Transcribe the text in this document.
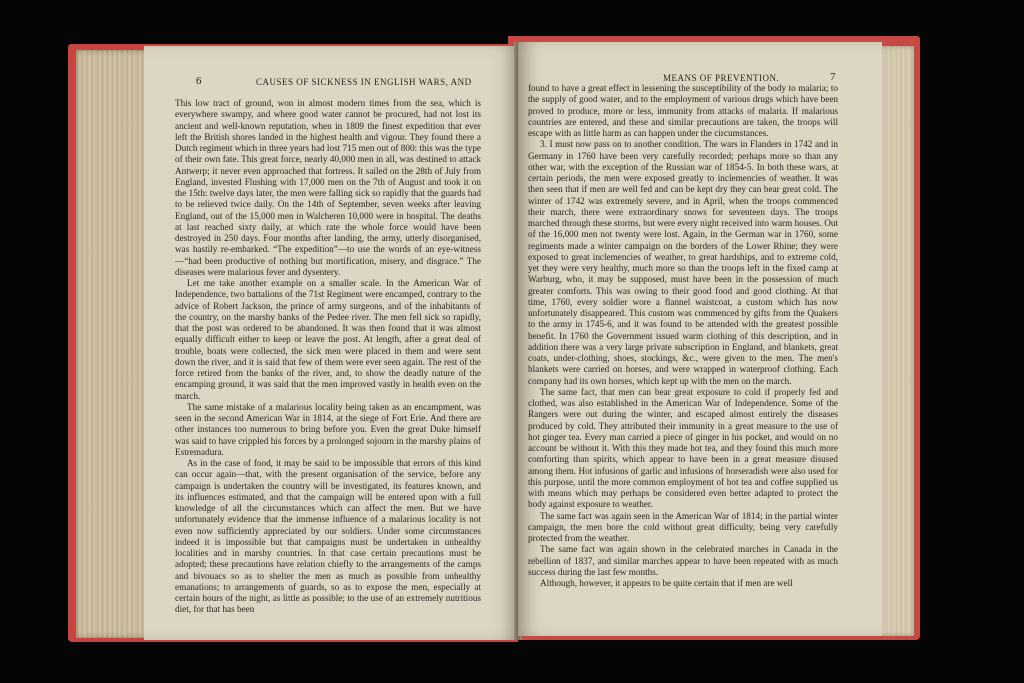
6	CAUSES OF SICKNESS IN ENGLISH WARS, AND

This low tract of ground, won in almost modern times from the sea, which is everywhere swampy, and where good water cannot be procured, had not lost its ancient and well-known reputation, when in 1809 the finest expedition that ever left the British shores landed in the highest health and vigour. They found there a Dutch regiment which in three years had lost 715 men out of 800: this was the type of their own fate. This great force, nearly 40,000 men in all, was destined to attack Antwerp; it never even approached that fortress. It sailed on the 28th of July from England, invested Flushing with 17,000 men on the 7th of August and took it on the 15th: twelve days later, the men were falling sick so rapidly that the guards had to be relieved twice daily. On the 14th of September, seven weeks after leaving England, out of the 15,000 men in Walcheren 10,000 were in hospital. The deaths at last reached sixty daily, at which rate the whole force would have been destroyed in 250 days. Four months after landing, the army, utterly disorganised, was hastily re-embarked. “The expedition”—to use the words of an eye-witness—“had been productive of nothing but mortification, misery, and disgrace.” The diseases were malarious fever and dysentery.

Let me take another example on a smaller scale. In the American War of Independence, two battalions of the 71st Regiment were encamped, contrary to the advice of Robert Jackson, the prince of army surgeons, and of the inhabitants of the country, on the marshy banks of the Pedee river. The men fell sick so rapidly, that the post was ordered to be abandoned. It was then found that it was almost equally difficult either to keep or leave the post. At length, after a great deal of trouble, boats were collected, the sick men were placed in them and were sent down the river, and it is said that few of them were ever seen again. The rest of the force retired from the banks of the river, and, to show the deadly nature of the encamping ground, it was said that the men improved vastly in health even on the march.

The same mistake of a malarious locality being taken as an encampment, was seen in the second American War in 1814, at the siege of Fort Erie. And there are other instances too numerous to bring before you. Even the great Duke himself was said to have crippled his forces by a prolonged sojourn in the marshy plains of Estremadura.

As in the case of food, it may be said to be impossible that errors of this kind can occur again—that, with the present organisation of the service, before any campaign is undertaken the country will be investigated, its features known, and its influences estimated, and that the campaign will be entered upon with a full knowledge of all the circumstances which can affect the men. But we have unfortunately evidence that the immense influence of a malarious locality is not even now sufficiently appreciated by our soldiers. Under some circumstances indeed it is impossible but that campaigns must be undertaken in unhealthy localities and in marshy countries. In that case certain precautions must be adopted; these precautions have relation chiefly to the arrangements of the camps and bivouacs so as to shelter the men as much as possible from unhealthy emanations; to arrangements of guards, so as to expose the men, especially at certain hours of the night, as little as possible; to the use of an extremely nutritious diet, for that has been

MEANS OF PREVENTION.	7

found to have a great effect in lessening the susceptibility of the body to malaria; to the supply of good water, and to the employment of various drugs which have been proved to produce, more or less, immunity from attacks of malaria. If malarious countries are entered, and these and similar precautions are taken, the troops will escape with as little harm as can happen under the circumstances.

3. I must now pass on to another condition. The wars in Flanders in 1742 and in Germany in 1760 have been very carefully recorded; perhaps more so than any other war, with the exception of the Russian war of 1854-5. In both these wars, at certain periods, the men were exposed greatly to inclemencies of weather. It was then seen that if men are well fed and can be kept dry they can bear great cold. The winter of 1742 was extremely severe, and in April, when the troops commenced their march, there were extraordinary snows for seventeen days. The troops marched through these storms, but were every night received into warm houses. Out of the 16,000 men not twenty were lost. Again, in the German war in 1760, some regiments made a winter campaign on the borders of the Lower Rhine; they were exposed to great inclemencies of weather, to great hardships, and to extreme cold, yet they were very healthy, much more so than the troops left in the fixed camp at Warburg, who, it may be supposed, must have been in the possession of much greater comforts. This was owing to their good food and good clothing. At that time, 1760, every soldier wore a flannel waistcoat, a custom which has now unfortunately disappeared. This custom was commenced by gifts from the Quakers to the army in 1745-6, and it was found to be attended with the greatest possible benefit. In 1760 the Government issued warm clothing of this description, and in addition there was a very large private subscription in England, and blankets, great coats, under-clothing, shoes, stockings, &c., were given to the men. The men's blankets were carried on horses, and were wrapped in waterproof clothing. Each company had its own horses, which kept up with the men on the march.

The same fact, that men can bear great exposure to cold if properly fed and clothed, was also established in the American War of Independence. Some of the Rangers were out during the winter, and escaped almost entirely the diseases produced by cold. They attributed their immunity in a great measure to the use of hot ginger tea. Every man carried a piece of ginger in his pocket, and would on no account be without it. With this they made hot tea, and they found this much more comforting than spirits, which appear to have been in a great measure disused among them. Hot infusions of garlic and infusions of horseradish were also used for this purpose, until the more common employment of hot tea and coffee supplied us with means which may perhaps be considered even better adapted to protect the body against exposure to weather.

The same fact was again seen in the American War of 1814; in the partial winter campaign, the men bore the cold without great difficulty, being very carefully protected from the weather.

The same fact was again shown in the celebrated marches in Canada in the rebellion of 1837, and similar marches appear to have been repeated with as much success during the last few months.

Although, however, it appears to be quite certain that if men are well
